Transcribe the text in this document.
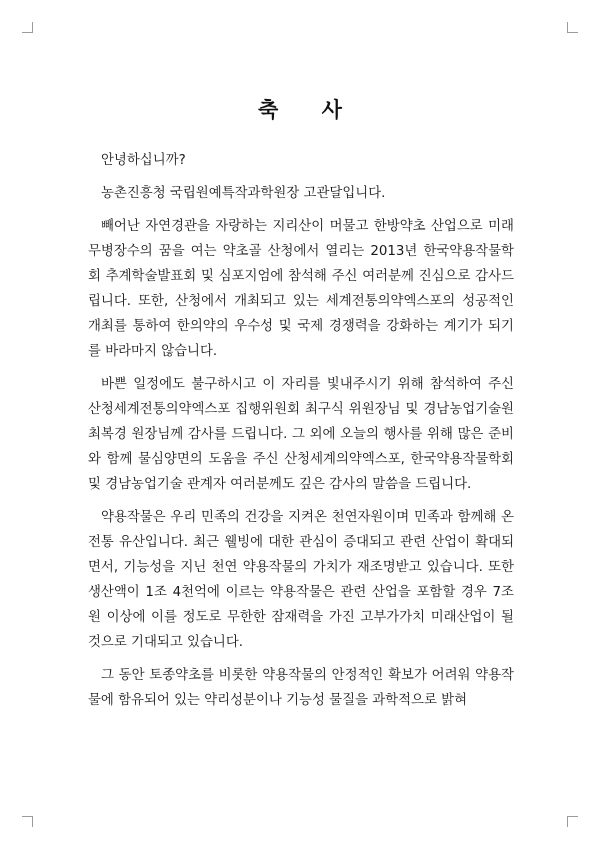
축 사

안녕하십니까?

농촌진흥청 국립원예특작과학원장 고관달입니다.

빼어난 자연경관을 자랑하는 지리산이 머물고 한방약초 산업으로 미래 무병장수의 꿈을 여는 약초골 산청에서 열리는 2013년 한국약용작물학회 추계학술발표회 및 심포지엄에 참석해 주신 여러분께 진심으로 감사드립니다. 또한, 산청에서 개최되고 있는 세계전통의약엑스포의 성공적인 개최를 통하여 한의약의 우수성 및 국제 경쟁력을 강화하는 계기가 되기를 바라마지 않습니다.

바쁜 일정에도 불구하시고 이 자리를 빛내주시기 위해 참석하여 주신 산청세계전통의약엑스포 집행위원회 최구식 위원장님 및 경남농업기술원 최복경 원장님께 감사를 드립니다. 그 외에 오늘의 행사를 위해 많은 준비와 함께 물심양면의 도움을 주신 산청세계의약엑스포, 한국약용작물학회 및 경남농업기술 관계자 여러분께도 깊은 감사의 말씀을 드립니다.

약용작물은 우리 민족의 건강을 지켜온 천연자원이며 민족과 함께해 온 전통 유산입니다. 최근 웰빙에 대한 관심이 증대되고 관련 산업이 확대되면서, 기능성을 지닌 천연 약용작물의 가치가 재조명받고 있습니다. 또한 생산액이 1조 4천억에 이르는 약용작물은 관련 산업을 포함할 경우 7조원 이상에 이를 정도로 무한한 잠재력을 가진 고부가가치 미래산업이 될 것으로 기대되고 있습니다.

그 동안 토종약초를 비롯한 약용작물의 안정적인 확보가 어려워 약용작물에 함유되어 있는 약리성분이나 기능성 물질을 과학적으로 밝혀
